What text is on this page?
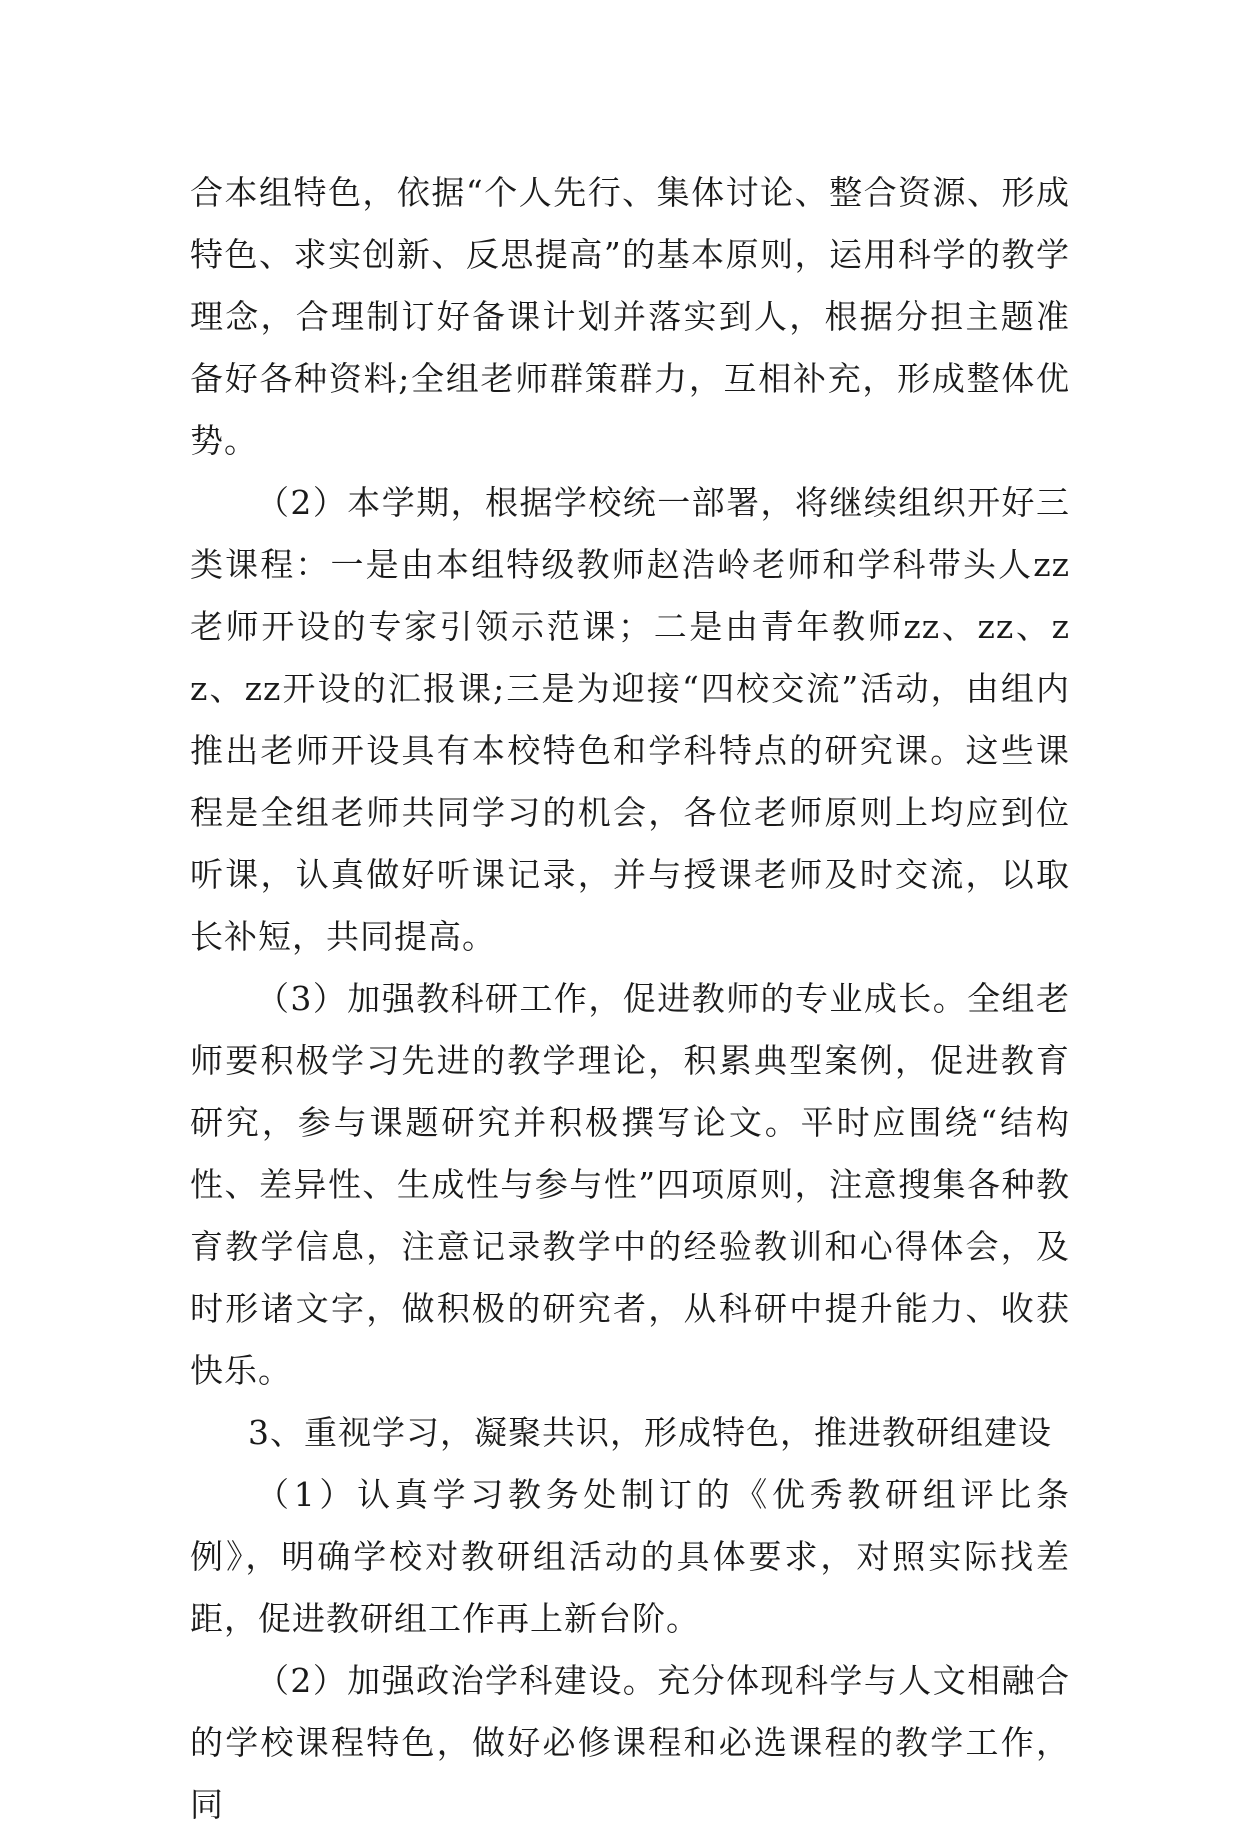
合本组特色，依据“个人先行、集体讨论、整合资源、形成特色、求实创新、反思提高”的基本原则，运用科学的教学理念，合理制订好备课计划并落实到人，根据分担主题准备好各种资料;全组老师群策群力，互相补充，形成整体优势。

（2）本学期，根据学校统一部署，将继续组织开好三类课程：一是由本组特级教师赵浩岭老师和学科带头人zz老师开设的专家引领示范课；二是由青年教师zz、zz、zz、zz开设的汇报课;三是为迎接“四校交流”活动，由组内推出老师开设具有本校特色和学科特点的研究课。这些课程是全组老师共同学习的机会，各位老师原则上均应到位听课，认真做好听课记录，并与授课老师及时交流，以取长补短，共同提高。

（3）加强教科研工作，促进教师的专业成长。全组老师要积极学习先进的教学理论，积累典型案例，促进教育研究，参与课题研究并积极撰写论文。平时应围绕“结构性、差异性、生成性与参与性”四项原则，注意搜集各种教育教学信息，注意记录教学中的经验教训和心得体会，及时形诸文字，做积极的研究者，从科研中提升能力、收获快乐。

3、重视学习，凝聚共识，形成特色，推进教研组建设

（1）认真学习教务处制订的《优秀教研组评比条例》，明确学校对教研组活动的具体要求，对照实际找差距，促进教研组工作再上新台阶。

（2）加强政治学科建设。充分体现科学与人文相融合的学校课程特色，做好必修课程和必选课程的教学工作，同
